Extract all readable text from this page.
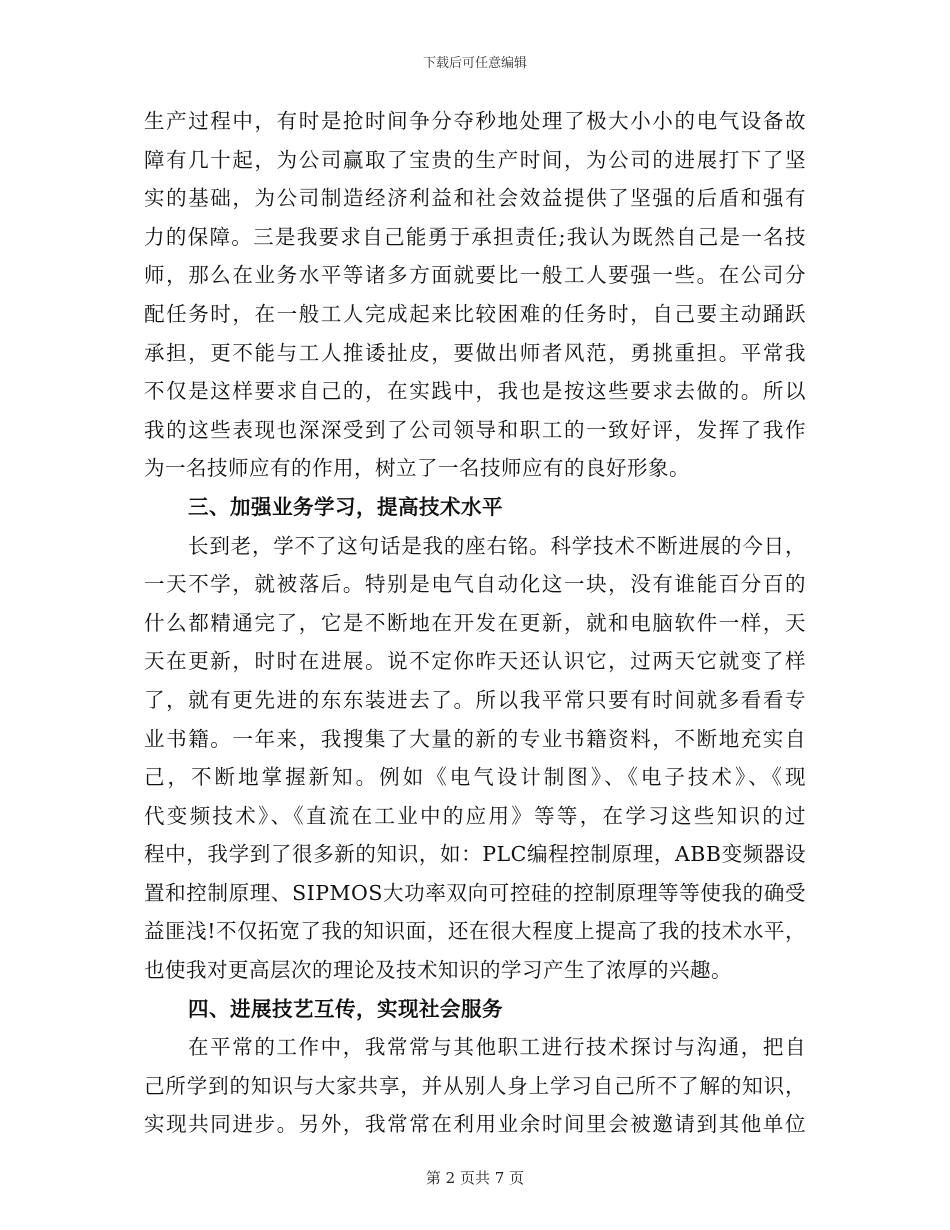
下载后可任意编辑
生产过程中，有时是抢时间争分夺秒地处理了极大小小的电气设备故
障有几十起，为公司赢取了宝贵的生产时间，为公司的进展打下了坚
实的基础，为公司制造经济利益和社会效益提供了坚强的后盾和强有
力的保障。三是我要求自己能勇于承担责任;我认为既然自己是一名技
师，那么在业务水平等诸多方面就要比一般工人要强一些。在公司分
配任务时，在一般工人完成起来比较困难的任务时，自己要主动踊跃
承担，更不能与工人推诿扯皮，要做出师者风范，勇挑重担。平常我
不仅是这样要求自己的，在实践中，我也是按这些要求去做的。所以
我的这些表现也深深受到了公司领导和职工的一致好评，发挥了我作
为一名技师应有的作用，树立了一名技师应有的良好形象。
三、加强业务学习，提高技术水平
长到老，学不了这句话是我的座右铭。科学技术不断进展的今日，
一天不学，就被落后。特别是电气自动化这一块，没有谁能百分百的
什么都精通完了，它是不断地在开发在更新，就和电脑软件一样，天
天在更新，时时在进展。说不定你昨天还认识它，过两天它就变了样
了，就有更先进的东东装进去了。所以我平常只要有时间就多看看专
业书籍。一年来，我搜集了大量的新的专业书籍资料，不断地充实自
己，不断地掌握新知。例如《电气设计制图》、《电子技术》、《现
代变频技术》、《直流在工业中的应用》等等，在学习这些知识的过
程中，我学到了很多新的知识，如：PLC编程控制原理，ABB变频器设
置和控制原理、SIPMOS大功率双向可控硅的控制原理等等使我的确受
益匪浅!不仅拓宽了我的知识面，还在很大程度上提高了我的技术水平，
也使我对更高层次的理论及技术知识的学习产生了浓厚的兴趣。
四、进展技艺互传，实现社会服务
在平常的工作中，我常常与其他职工进行技术探讨与沟通，把自
己所学到的知识与大家共享，并从别人身上学习自己所不了解的知识，
实现共同进步。另外，我常常在利用业余时间里会被邀请到其他单位
第 2 页共 7 页
